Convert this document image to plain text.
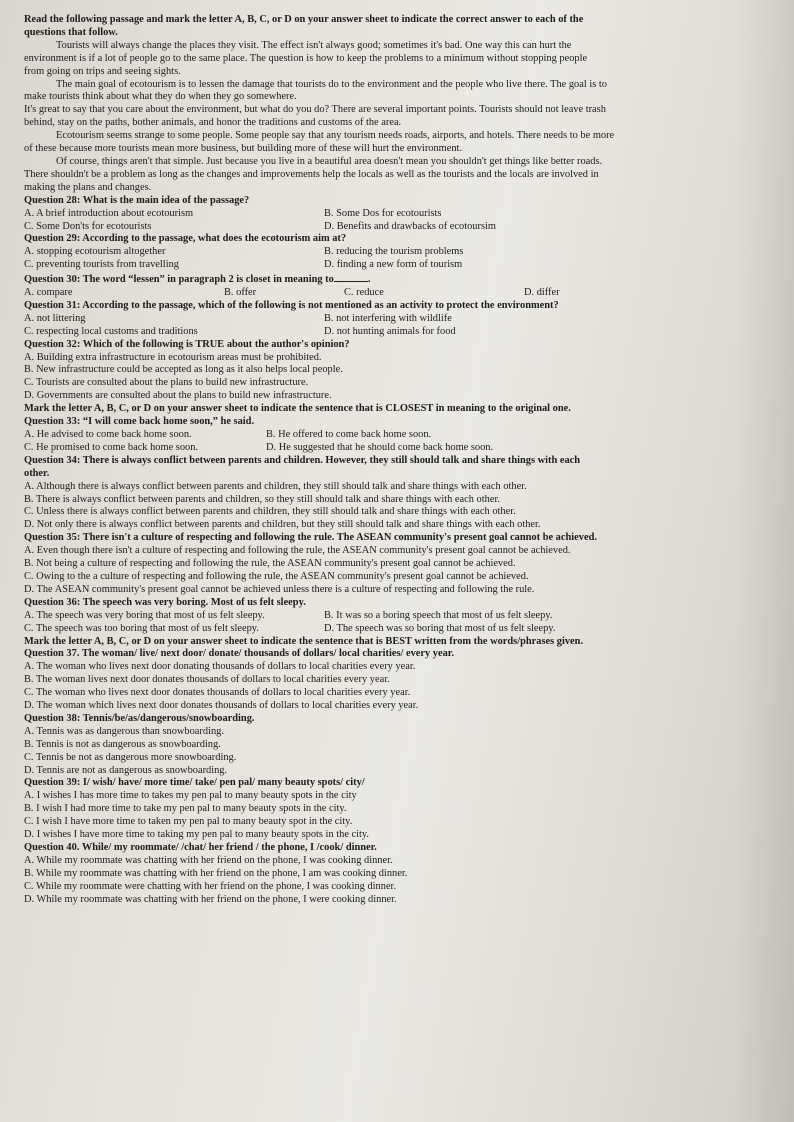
Read the following passage and mark the letter A, B, C, or D on your answer sheet to indicate the correct answer to each of the
questions that follow.
Tourists will always change the places they visit. The effect isn't always good; sometimes it's bad. One way this can hurt the
environment is if a lot of people go to the same place. The question is how to keep the problems to a minimum without stopping people
from going on trips and seeing sights.
The main goal of ecotourism is to lessen the damage that tourists do to the environment and the people who live there. The goal is to
make tourists think about what they do when they go somewhere.
It's great to say that you care about the environment, but what do you do? There are several important points. Tourists should not leave trash
behind, stay on the paths, bother animals, and honor the traditions and customs of the area.
Ecotourism seems strange to some people. Some people say that any tourism needs roads, airports, and hotels. There needs to be more
of these because more tourists mean more business, but building more of these will hurt the environment.
Of course, things aren't that simple. Just because you live in a beautiful area doesn't mean you shouldn't get things like better roads.
There shouldn't be a problem as long as the changes and improvements help the locals as well as the tourists and the locals are involved in
making the plans and changes.
Question 28: What is the main idea of the passage?
A. A brief introduction about ecotourism	B. Some Dos for ecotourists
C. Some Don'ts for ecotourists	D. Benefits and drawbacks of ecotoursim
Question 29: According to the passage, what does the ecotourism aim at?
A. stopping ecotourism altogether	B. reducing the tourism problems
C. preventing tourists from travelling	D. finding a new form of tourism
Question 30: The word “lessen” in paragraph 2 is closet in meaning to	.
A. compare	B. offer	C. reduce	D. differ
Question 31: According to the passage, which of the following is not mentioned as an activity to protect the environment?
A. not littering	B. not interfering with wildlife
C. respecting local customs and traditions	D. not hunting animals for food
Question 32: Which of the following is TRUE about the author's opinion?
A. Building extra infrastructure in ecotourism areas must be prohibited.
B. New infrastructure could be accepted as long as it also helps local people.
C. Tourists are consulted about the plans to build new infrastructure.
D. Governments are consulted about the plans to build new infrastructure.
Mark the letter A, B, C, or D on your answer sheet to indicate the sentence that is CLOSEST in meaning to the original one.
Question 33: “I will come back home soon,” he said.
A. He advised to come back home soon.	B. He offered to come back home soon.
C. He promised to come back home soon.	D. He suggested that he should come back home soon.
Question 34: There is always conflict between parents and children. However, they still should talk and share things with each
other.
A. Although there is always conflict between parents and children, they still should talk and share things with each other.
B. There is always conflict between parents and children, so they still should talk and share things with each other.
C. Unless there is always conflict between parents and children, they still should talk and share things with each other.
D. Not only there is always conflict between parents and children, but they still should talk and share things with each other.
Question 35: There isn't a culture of respecting and following the rule. The ASEAN community's present goal cannot be achieved.
A. Even though there isn't a culture of respecting and following the rule, the ASEAN community's present goal cannot be achieved.
B. Not being a culture of respecting and following the rule, the ASEAN community's present goal cannot be achieved.
C. Owing to the a culture of respecting and following the rule, the ASEAN community's present goal cannot be achieved.
D. The ASEAN community's present goal cannot be achieved unless there is a culture of respecting and following the rule.
Question 36: The speech was very boring. Most of us felt sleepy.
A. The speech was very boring that most of us felt sleepy.	B. It was so a boring speech that most of us felt sleepy.
C. The speech was too boring that most of us felt sleepy.	D. The speech was so boring that most of us felt sleepy.
Mark the letter A, B, C, or D on your answer sheet to indicate the sentence that is BEST written from the words/phrases given.
Question 37. The woman/ live/ next door/ donate/ thousands of dollars/ local charities/ every year.
A. The woman who lives next door donating thousands of dollars to local charities every year.
B. The woman lives next door donates thousands of dollars to local charities every year.
C. The woman who lives next door donates thousands of dollars to local charities every year.
D. The woman which lives next door donates thousands of dollars to local charities every year.
Question 38: Tennis/be/as/dangerous/snowboarding.
A. Tennis was as dangerous than snowboarding.
B. Tennis is not as dangerous as snowboarding.
C. Tennis be not as dangerous more snowboarding.
D. Tennis are not as dangerous as snowboarding.
Question 39: I/ wish/ have/ more time/ take/ pen pal/ many beauty spots/ city/
A. I wishes I has more time to takes my pen pal to many beauty spots in the city
B. I wish I had more time to take my pen pal to many beauty spots in the city.
C. I wish I have more time to taken my pen pal to many beauty spot in the city.
D. I wishes I have more time to taking my pen pal to many beauty spots in the city.
Question 40. While/ my roommate/ /chat/ her friend / the phone, I /cook/ dinner.
A. While my roommate was chatting with her friend on the phone, I was cooking dinner.
B. While my roommate was chatting with her friend on the phone, I am was cooking dinner.
C. While my roommate were chatting with her friend on the phone, I was cooking dinner.
D. While my roommate was chatting with her friend on the phone, I were cooking dinner.
